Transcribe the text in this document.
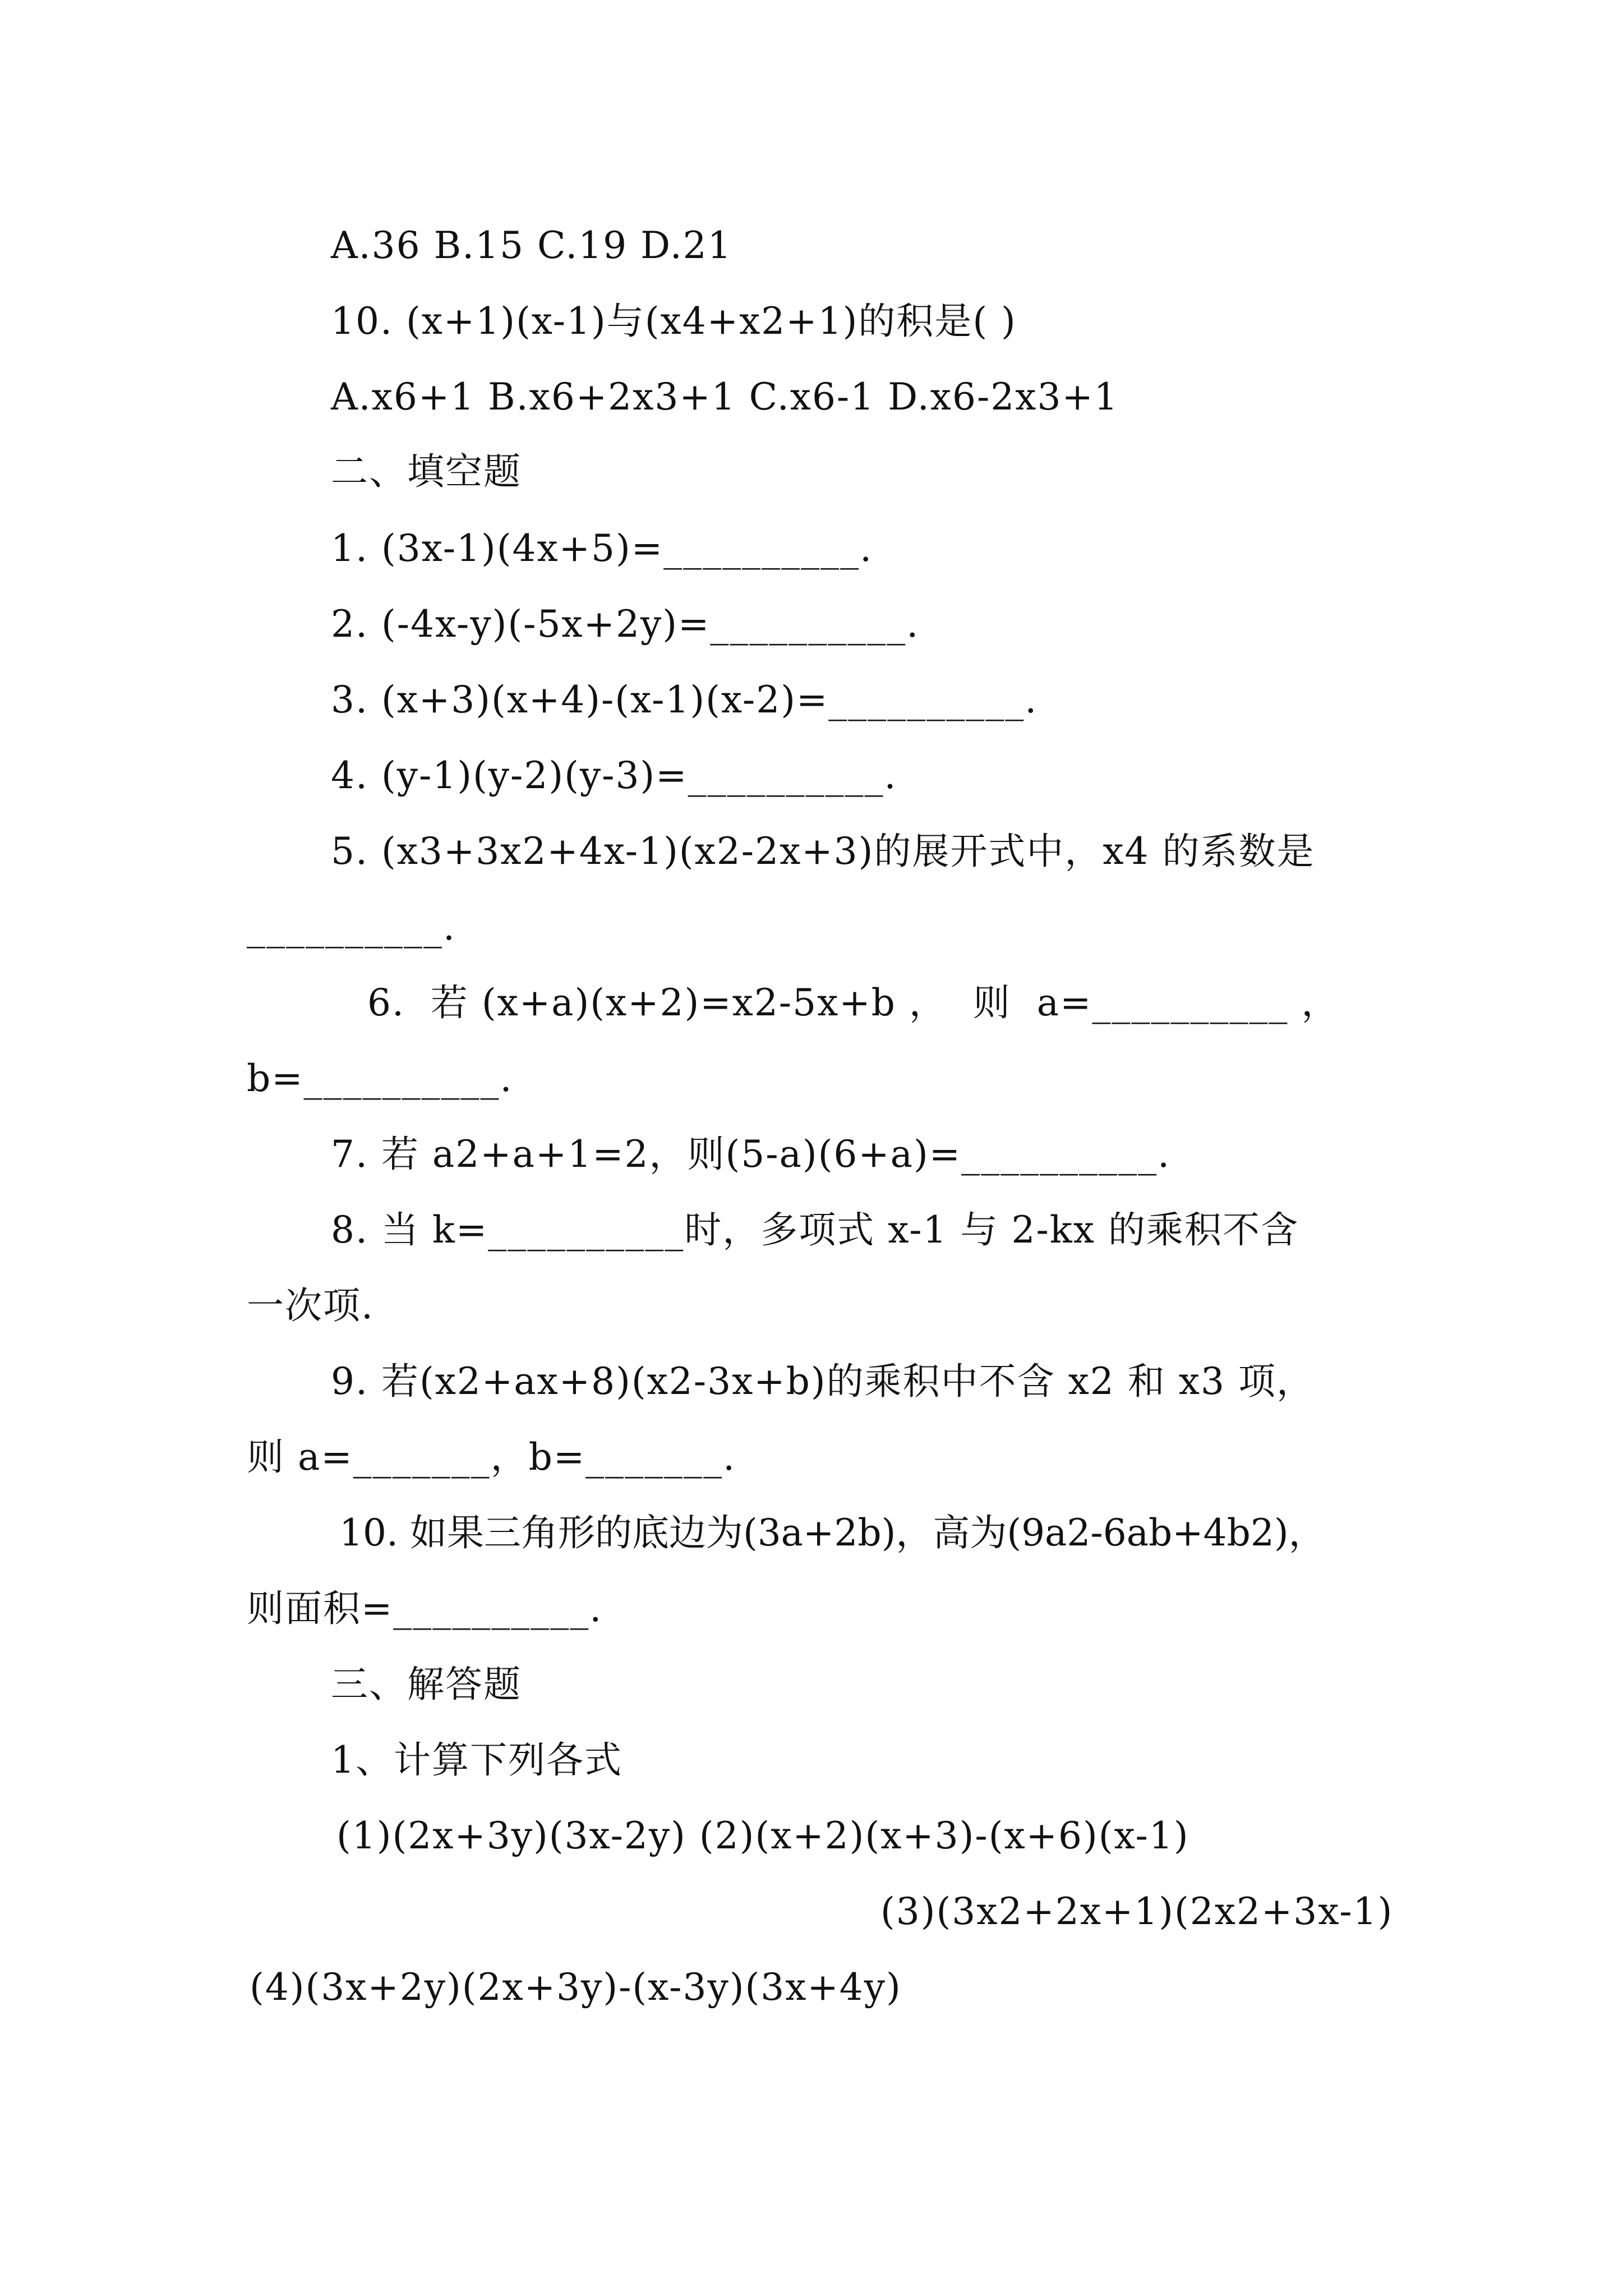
A.36 B.15 C.19 D.21
10. (x+1)(x-1)与(x4+x2+1)的积是( )
A.x6+1 B.x6+2x3+1 C.x6-1 D.x6-2x3+1
二、填空题
1. (3x-1)(4x+5)=__________.
2. (-4x-y)(-5x+2y)=__________.
3. (x+3)(x+4)-(x-1)(x-2)=__________.
4. (y-1)(y-2)(y-3)=__________.
5. (x3+3x2+4x-1)(x2-2x+3)的展开式中，x4 的系数是
__________.
6.  若 (x+a)(x+2)=x2-5x+b ，  则  a=__________ ，
b=__________.
7. 若 a2+a+1=2，则(5-a)(6+a)=__________.
8. 当 k=__________时，多项式 x-1 与 2-kx 的乘积不含
一次项.
9. 若(x2+ax+8)(x2-3x+b)的乘积中不含 x2 和 x3 项，
则 a=_______，b=_______.
10. 如果三角形的底边为(3a+2b)，高为(9a2-6ab+4b2)，
则面积=__________.
三、解答题
1、计算下列各式
(1)(2x+3y)(3x-2y) (2)(x+2)(x+3)-(x+6)(x-1)
(3)(3x2+2x+1)(2x2+3x-1)
(4)(3x+2y)(2x+3y)-(x-3y)(3x+4y)
